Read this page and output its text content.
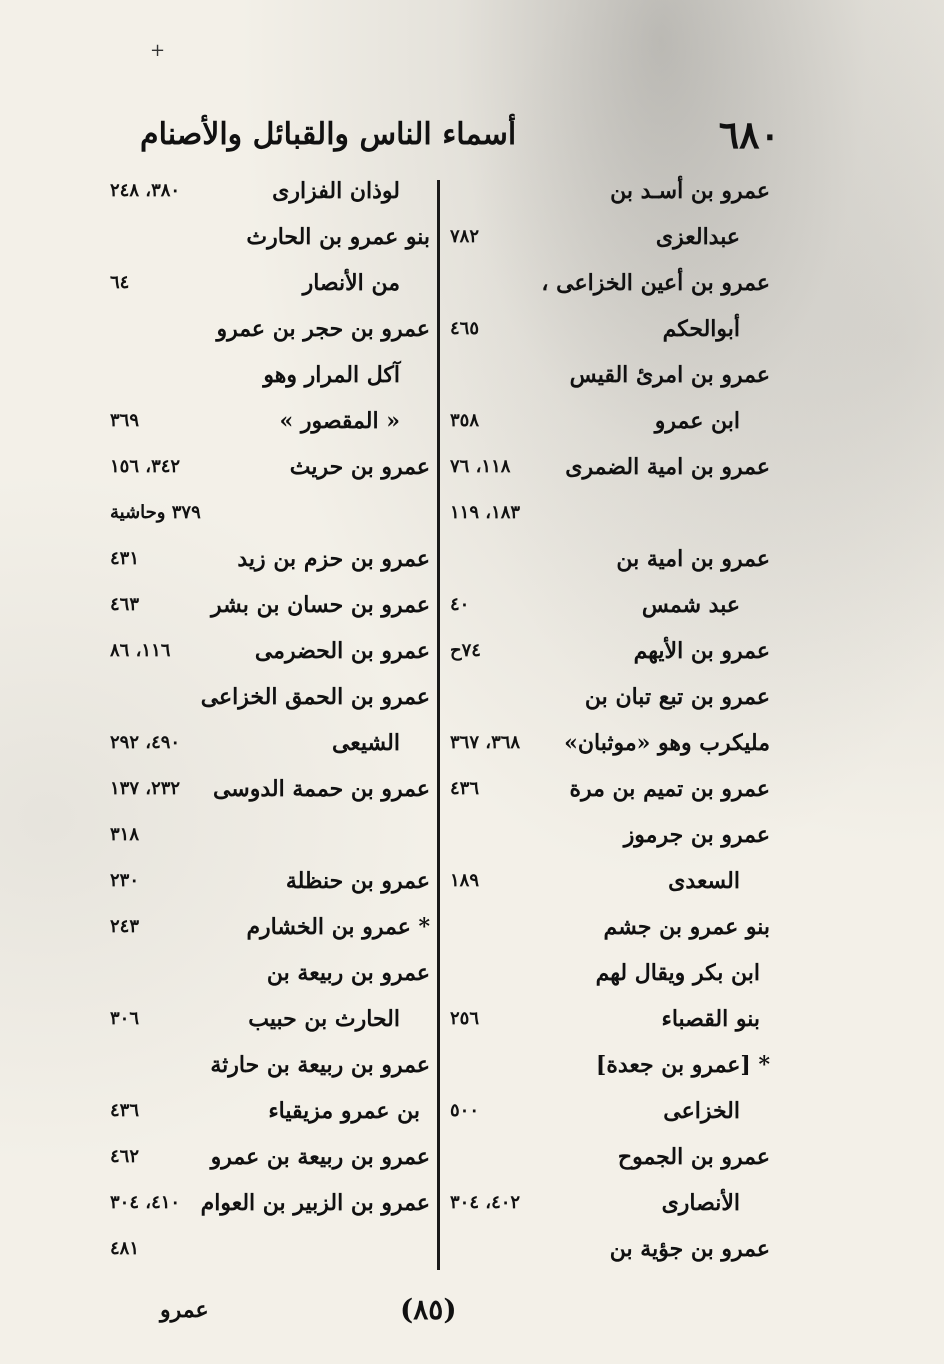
+
٦٨٠
أسماء الناس والقبائل والأصنام
عمرو بن أسـد بن
عبدالعزى
٧٨٢
عمرو بن أعين الخزاعى ،
أبوالحكم
٤٦٥
عمرو بن امرئ القيس
ابن عمرو
٣٥٨
عمرو بن امية الضمرى
١١٨، ٧٦
١٨٣، ١١٩
عمرو بن امية بن
عبد شمس
٤٠
عمرو بن الأيهم
٧٤ح
عمرو بن تبع تبان بن
مليكرب وهو «موثبان»
٣٦٨، ٣٦٧
عمرو بن تميم بن مرة
٤٣٦
عمرو بن جرموز
السعدى
١٨٩
بنو عمرو بن جشم
ابن بكر ويقال لهم
بنو القصباء
٢٥٦
* [عمرو بن جعدة]
الخزاعى
٥٠٠
عمرو بن الجموح
الأنصارى
٤٠٢، ٣٠٤
عمرو بن جؤية بن
لوذان الفزارى
٣٨٠، ٢٤٨
بنو عمرو بن الحارث
من الأنصار
٦٤
عمرو بن حجر بن عمرو
آكل المرار وهو
« المقصور »
٣٦٩
عمرو بن حريث
٣٤٢، ١٥٦
٣٧٩ وحاشية
عمرو بن حزم بن زيد
٤٣١
عمرو بن حسان بن بشر
٤٦٣
عمرو بن الحضرمى
١١٦، ٨٦
عمرو بن الحمق الخزاعى
الشيعى
٤٩٠، ٢٩٢
عمرو بن حممة الدوسى
٢٣٢، ١٣٧
٣١٨
عمرو بن حنظلة
٢٣٠
* عمرو بن الخشارم
٢٤٣
عمرو بن ربيعة بن
الحارث بن حبيب
٣٠٦
عمرو بن ربيعة بن حارثة
بن عمرو مزيقياء
٤٣٦
عمرو بن ربيعة بن عمرو
٤٦٢
عمرو بن الزبير بن العوام
٤١٠، ٣٠٤
٤٨١
عمرو	(٨٥)
